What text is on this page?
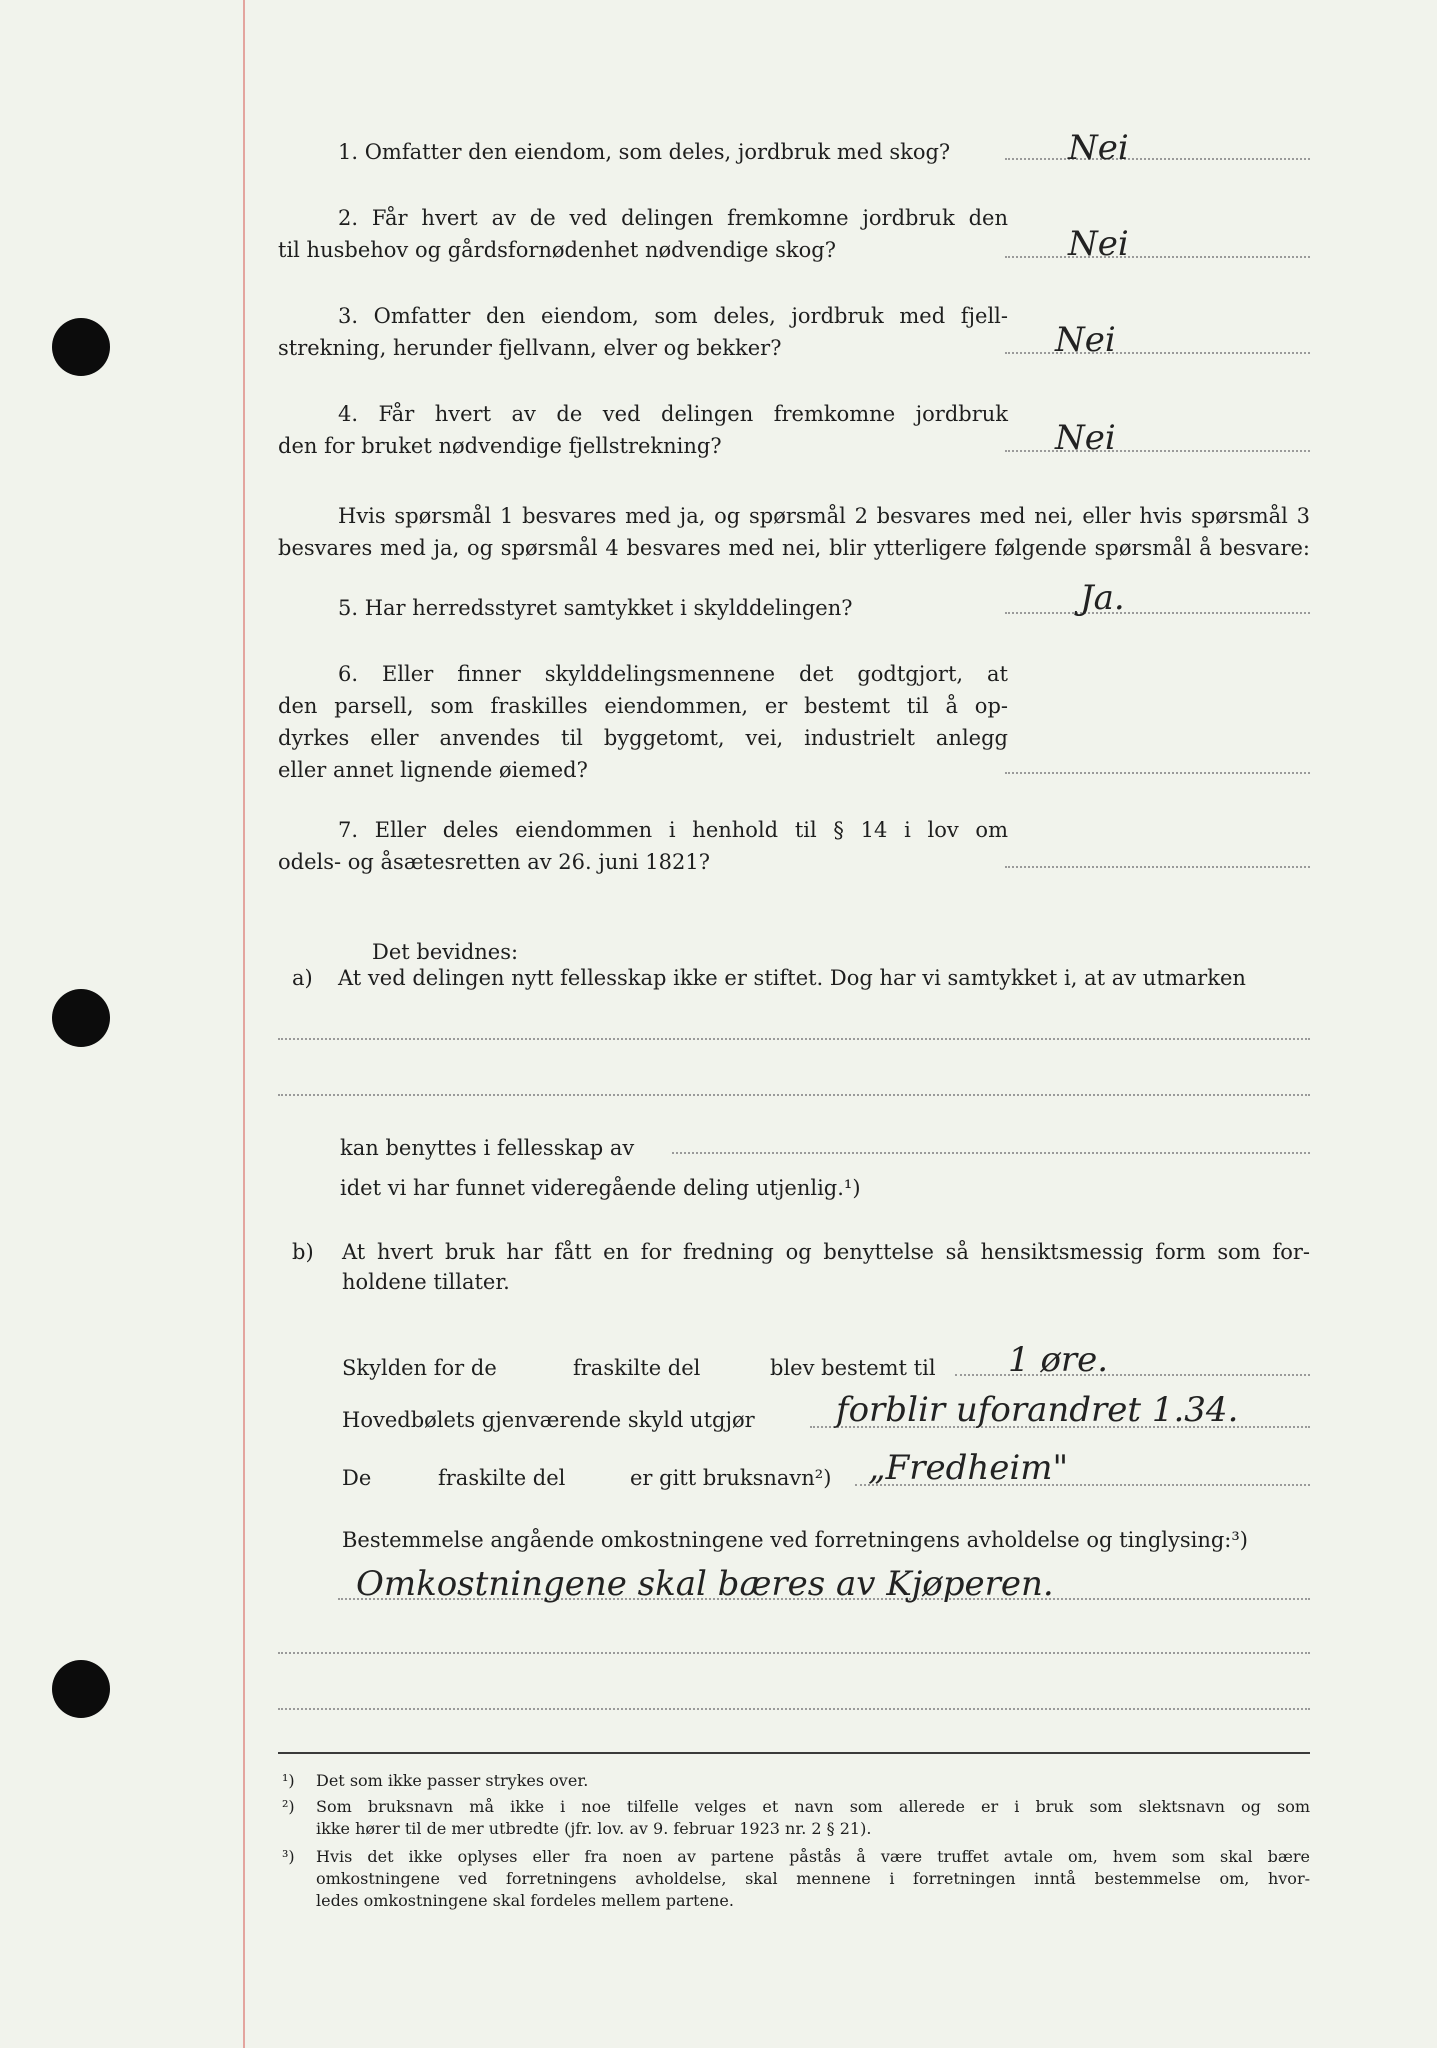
1. Omfatter den eiendom, som deles, jordbruk med skog?	Nei
2. Får hvert av de ved delingen fremkomne jordbruk den
til husbehov og gårdsfornødenhet nødvendige skog?	Nei
3. Omfatter den eiendom, som deles, jordbruk med fjell-
strekning, herunder fjellvann, elver og bekker?	Nei
4. Får hvert av de ved delingen fremkomne jordbruk
den for bruket nødvendige fjellstrekning?	Nei
Hvis spørsmål 1 besvares med ja, og spørsmål 2 besvares med nei, eller hvis spørsmål 3
besvares med ja, og spørsmål 4 besvares med nei, blir ytterligere følgende spørsmål å besvare:
5. Har herredsstyret samtykket i skylddelingen?	Ja.
6. Eller finner skylddelingsmennene det godtgjort, at
den parsell, som fraskilles eiendommen, er bestemt til å op-
dyrkes eller anvendes til byggetomt, vei, industrielt anlegg
eller annet lignende øiemed?
7. Eller deles eiendommen i henhold til § 14 i lov om
odels- og åsætesretten av 26. juni 1821?
Det bevidnes:
a) At ved delingen nytt fellesskap ikke er stiftet. Dog har vi samtykket i, at av utmarken
kan benyttes i fellesskap av
idet vi har funnet videregående deling utjenlig.¹)
b) At hvert bruk har fått en for fredning og benyttelse så hensiktsmessig form som for-
holdene tillater.
Skylden for de	fraskilte del	blev bestemt til 1 øre.
Hovedbølets gjenværende skyld utgjør forblir uforandret 1.34.
De	fraskilte del	er gitt bruksnavn²) „Fredheim"
Bestemmelse angående omkostningene ved forretningens avholdelse og tinglysing:³)
Omkostningene skal bæres av Kjøperen.
¹) Det som ikke passer strykes over.
²) Som bruksnavn må ikke i noe tilfelle velges et navn som allerede er i bruk som slektsnavn og som
ikke hører til de mer utbredte (jfr. lov. av 9. februar 1923 nr. 2 § 21).
³) Hvis det ikke oplyses eller fra noen av partene påstås å være truffet avtale om, hvem som skal bære
omkostningene ved forretningens avholdelse, skal mennene i forretningen inntå bestemmelse om, hvor-
ledes omkostningene skal fordeles mellem partene.
